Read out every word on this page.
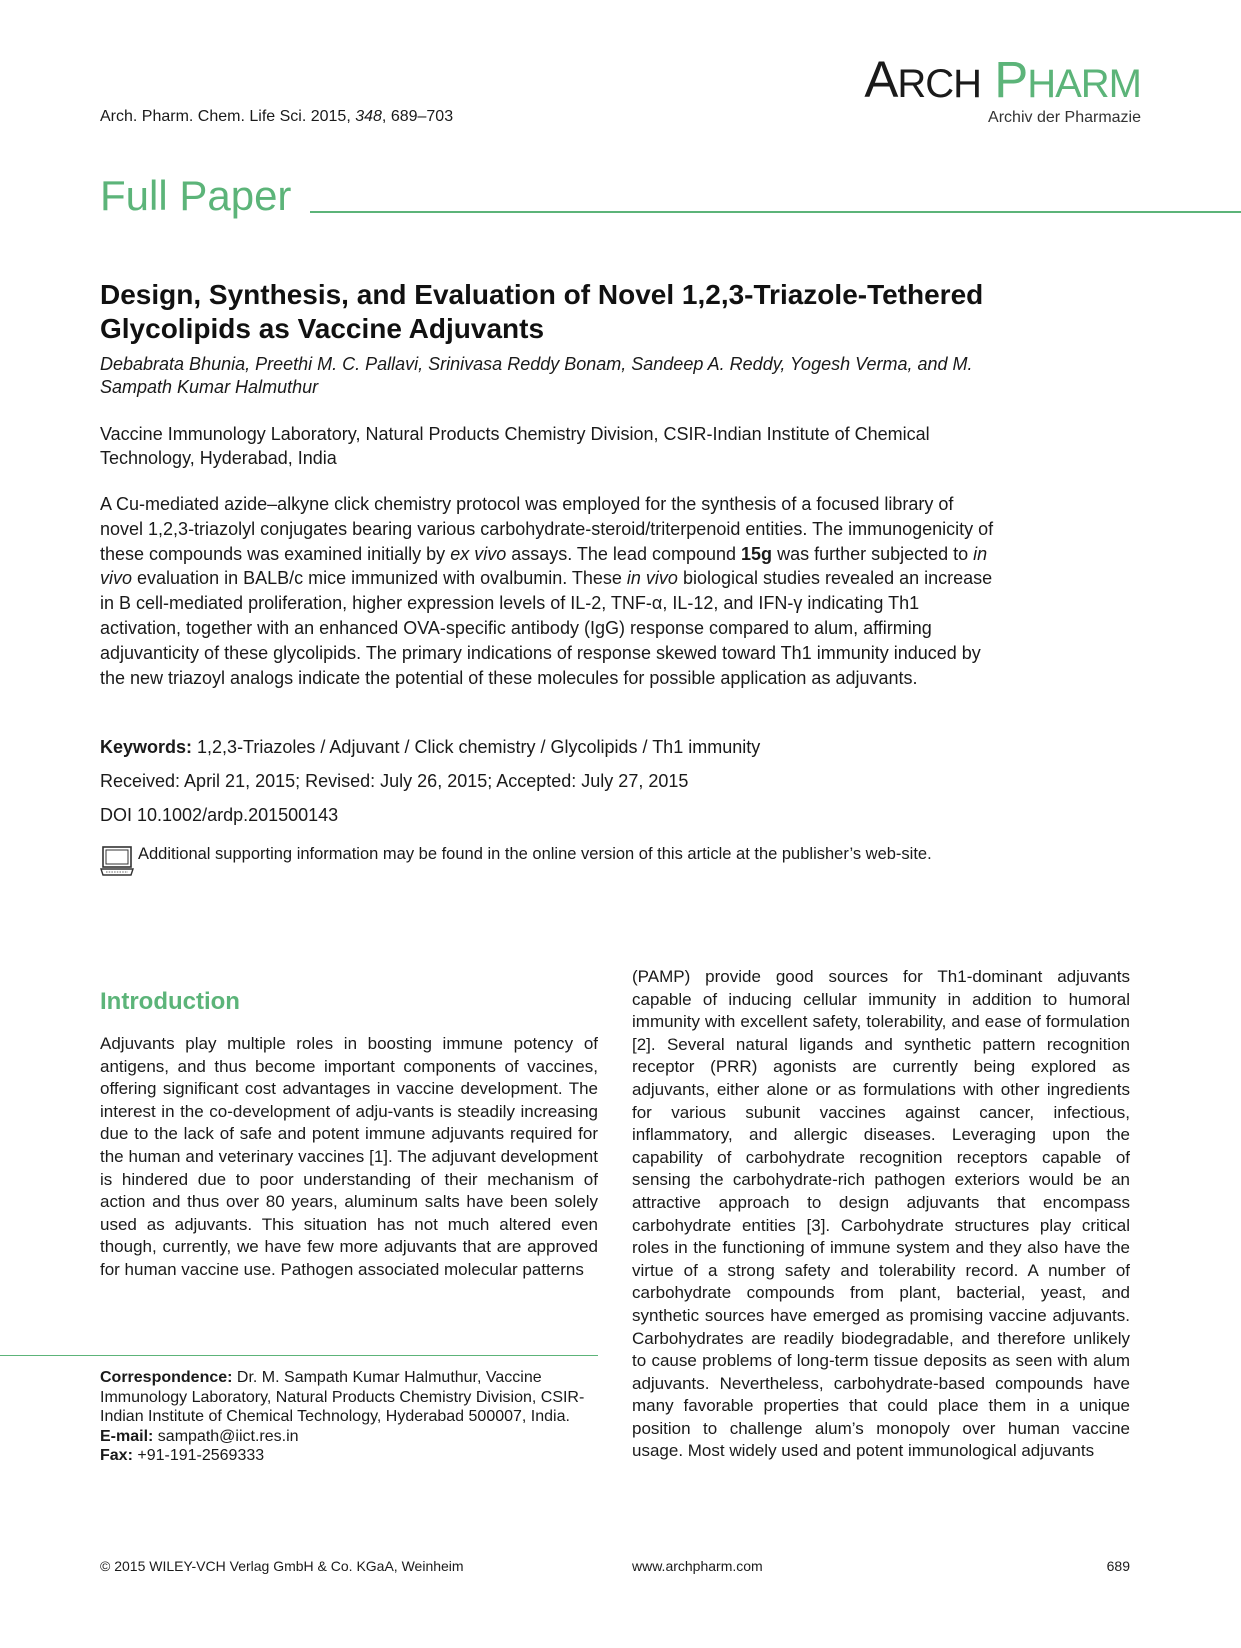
Arch. Pharm. Chem. Life Sci. 2015, 348, 689–703
ARCH PHARM
Archiv der Pharmazie
Full Paper
Design, Synthesis, and Evaluation of Novel 1,2,3-Triazole-Tethered Glycolipids as Vaccine Adjuvants
Debabrata Bhunia, Preethi M. C. Pallavi, Srinivasa Reddy Bonam, Sandeep A. Reddy, Yogesh Verma, and M. Sampath Kumar Halmuthur
Vaccine Immunology Laboratory, Natural Products Chemistry Division, CSIR-Indian Institute of Chemical Technology, Hyderabad, India

A Cu-mediated azide–alkyne click chemistry protocol was employed for the synthesis of a focused library of novel 1,2,3-triazolyl conjugates bearing various carbohydrate-steroid/triterpenoid entities. The immunogenicity of these compounds was examined initially by ex vivo assays. The lead compound 15g was further subjected to in vivo evaluation in BALB/c mice immunized with ovalbumin. These in vivo biological studies revealed an increase in B cell-mediated proliferation, higher expression levels of IL-2, TNF-α, IL-12, and IFN-γ indicating Th1 activation, together with an enhanced OVA-specific antibody (IgG) response compared to alum, affirming adjuvanticity of these glycolipids. The primary indications of response skewed toward Th1 immunity induced by the new triazoyl analogs indicate the potential of these molecules for possible application as adjuvants.

Keywords: 1,2,3-Triazoles / Adjuvant / Click chemistry / Glycolipids / Th1 immunity
Received: April 21, 2015; Revised: July 26, 2015; Accepted: July 27, 2015
DOI 10.1002/ardp.201500143
Additional supporting information may be found in the online version of this article at the publisher’s web-site.
Introduction

Adjuvants play multiple roles in boosting immune potency of antigens, and thus become important components of vaccines, offering significant cost advantages in vaccine development. The interest in the co-development of adju-vants is steadily increasing due to the lack of safe and potent immune adjuvants required for the human and veterinary vaccines [1]. The adjuvant development is hindered due to poor understanding of their mechanism of action and thus over 80 years, aluminum salts have been solely used as adjuvants. This situation has not much altered even though, currently, we have few more adjuvants that are approved for human vaccine use. Pathogen associated molecular patterns

(PAMP) provide good sources for Th1-dominant adjuvants capable of inducing cellular immunity in addition to humoral immunity with excellent safety, tolerability, and ease of formulation [2]. Several natural ligands and synthetic pattern recognition receptor (PRR) agonists are currently being explored as adjuvants, either alone or as formulations with other ingredients for various subunit vaccines against cancer, infectious, inflammatory, and allergic diseases. Leveraging upon the capability of carbohydrate recognition receptors capable of sensing the carbohydrate-rich pathogen exteriors would be an attractive approach to design adjuvants that encompass carbohydrate entities [3]. Carbohydrate structures play critical roles in the functioning of immune system and they also have the virtue of a strong safety and tolerability record. A number of carbohydrate compounds from plant, bacterial, yeast, and synthetic sources have emerged as promising vaccine adjuvants. Carbohydrates are readily biodegradable, and therefore unlikely to cause problems of long-term tissue deposits as seen with alum adjuvants. Nevertheless, carbohydrate-based compounds have many favorable properties that could place them in a unique position to challenge alum’s monopoly over human vaccine usage. Most widely used and potent immunological adjuvants

Correspondence: Dr. M. Sampath Kumar Halmuthur, Vaccine Immunology Laboratory, Natural Products Chemistry Division, CSIR-Indian Institute of Chemical Technology, Hyderabad 500007, India.
E-mail: sampath@iict.res.in
Fax: +91-191-2569333
© 2015 WILEY-VCH Verlag GmbH & Co. KGaA, Weinheim	www.archpharm.com	689
